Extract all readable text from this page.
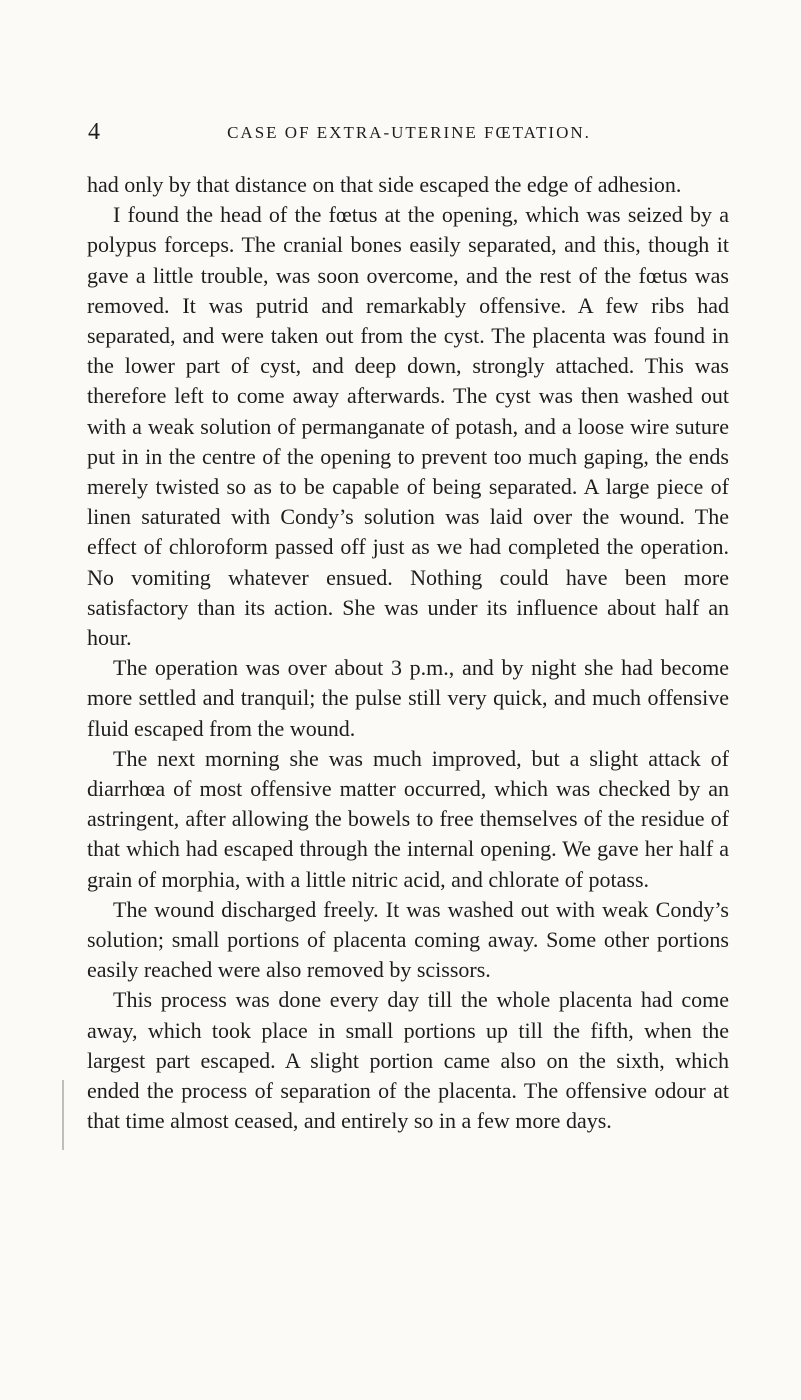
4	CASE OF EXTRA-UTERINE FŒTATION.

had only by that distance on that side escaped the edge of adhesion.

I found the head of the fœtus at the opening, which was seized by a polypus forceps. The cranial bones easily separated, and this, though it gave a little trouble, was soon overcome, and the rest of the fœtus was removed. It was putrid and remarkably offensive. A few ribs had separated, and were taken out from the cyst. The placenta was found in the lower part of cyst, and deep down, strongly attached. This was therefore left to come away afterwards. The cyst was then washed out with a weak solution of permanganate of potash, and a loose wire suture put in in the centre of the opening to prevent too much gaping, the ends merely twisted so as to be capable of being separated. A large piece of linen saturated with Condy’s solution was laid over the wound. The effect of chloroform passed off just as we had completed the operation. No vomiting whatever ensued. Nothing could have been more satisfactory than its action. She was under its influence about half an hour.

The operation was over about 3 p.m., and by night she had become more settled and tranquil; the pulse still very quick, and much offensive fluid escaped from the wound.

The next morning she was much improved, but a slight attack of diarrhœa of most offensive matter occurred, which was checked by an astringent, after allowing the bowels to free themselves of the residue of that which had escaped through the internal opening. We gave her half a grain of morphia, with a little nitric acid, and chlorate of potass.

The wound discharged freely. It was washed out with weak Condy’s solution; small portions of placenta coming away. Some other portions easily reached were also removed by scissors.

This process was done every day till the whole placenta had come away, which took place in small portions up till the fifth, when the largest part escaped. A slight portion came also on the sixth, which ended the process of separation of the placenta. The offensive odour at that time almost ceased, and entirely so in a few more days.
